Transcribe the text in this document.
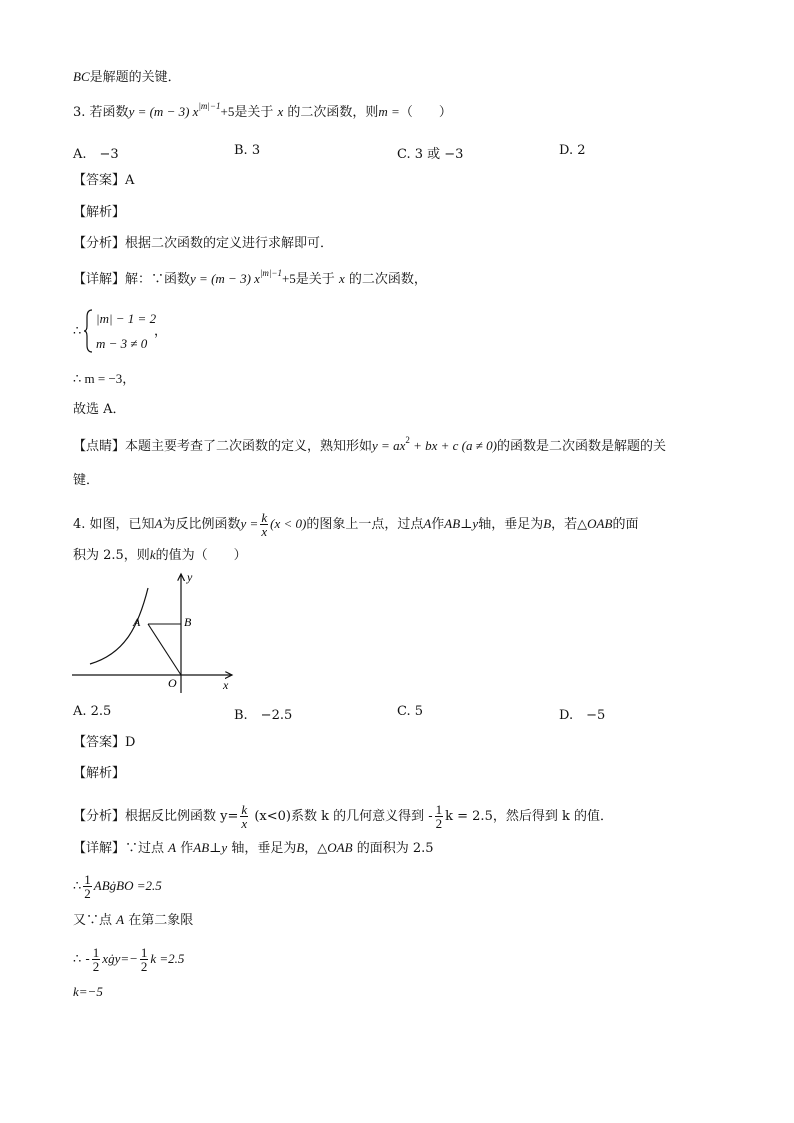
BC是解题的关键．
3. 若函数y = (m − 3) $x^{|m|-1}+5$是关于 x 的二次函数，则m =（　　）
A.　−3	B. 3	C. 3 或 −3	D. 2
【答案】A
【解析】
【分析】根据二次函数的定义进行求解即可．
【详解】解：∵函数y = (m − 3) $x^{|m|-1}+5$是关于 x 的二次函数，
∴
|m| − 1 = 2
m − 3 ≠ 0
，
∴ m = −3，
故选 A．
【点睛】本题主要考查了二次函数的定义，熟知形如$y = ax^2$ + bx + c (a ≠ 0)的函数是二次函数是解题的关
键．
4. 如图，已知A为反比例函数$y = \frac{k}{x} (x < 0)$的图象上一点，过点A作AB⊥y轴，垂足为B，若△OAB的面
积为 2.5，则k的值为（　　）
y
x
O
A	B
A. 2.5	B.　−2.5	C. 5	D.　−5
【答案】D
【解析】
【分析】根据反比例函数 $y= \frac{k}{x} (x<0)$系数 k 的几何意义得到 - $\frac{1}{2}$ k = 2.5，然后得到 k 的值．
【详解】∵过点 A 作AB⊥y 轴，垂足为B，△OAB 的面积为 2.5
∴ $\frac{1}{2}$ ABġBO =2.5
又∵点 A 在第二象限
∴ - $\frac{1}{2}$ xġy=− $\frac{1}{2}$ k =2.5
k=−5
